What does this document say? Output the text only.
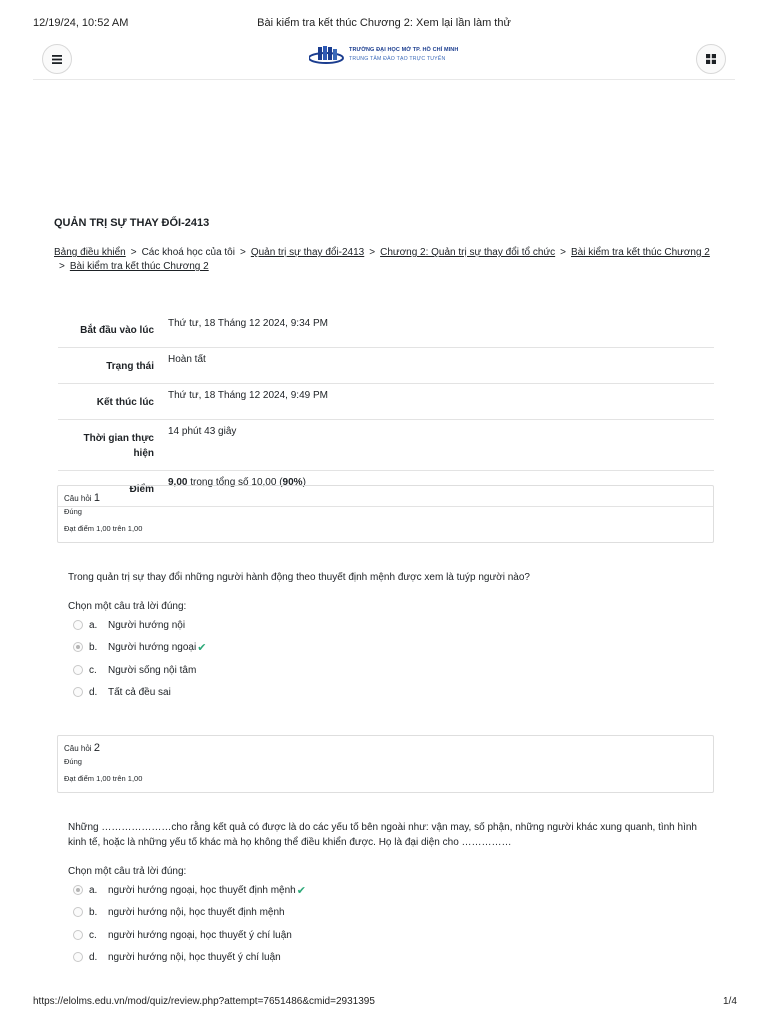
12/19/24, 10:52 AM	Bài kiểm tra kết thúc Chương 2: Xem lại lần làm thử
TRƯỜNG ĐẠI HỌC MỞ TP. HỒ CHÍ MINH
TRUNG TÂM ĐÀO TẠO TRỰC TUYẾN
QUẢN TRỊ SỰ THAY ĐỔI-2413
Bảng điều khiển > Các khoá học của tôi > Quản trị sự thay đổi-2413 > Chương 2: Quản trị sự thay đổi tổ chức > Bài kiểm tra kết thúc Chương 2
> Bài kiểm tra kết thúc Chương 2
Bắt đầu vào lúc	Thứ tư, 18 Tháng 12 2024, 9:34 PM
Trạng thái	Hoàn tất
Kết thúc lúc	Thứ tư, 18 Tháng 12 2024, 9:49 PM
Thời gian thực
hiện	14 phút 43 giây
Điểm	9,00 trong tổng số 10,00 (90%)
Câu hỏi 1
Đúng
Đạt điểm 1,00 trên 1,00
Trong quản trị sự thay đổi những người hành động theo thuyết định mệnh được xem là tuýp người nào?
Chọn một câu trả lời đúng:
a.	Người hướng nội
b.	Người hướng ngoại ✔
c.	Người sống nội tâm
d.	Tất cả đều sai
Câu hỏi 2
Đúng
Đạt điểm 1,00 trên 1,00
Những …………………cho rằng kết quả có được là do các yếu tố bên ngoài như: vận may, số phận, những người khác xung quanh, tình hình kinh tế, hoặc là những yếu tố khác mà họ không thể điều khiển được. Họ là đại diện cho ……………
Chọn một câu trả lời đúng:
a.	người hướng ngoại, học thuyết định mệnh ✔
b.	người hướng nội, học thuyết định mệnh
c.	người hướng ngoại, học thuyết ý chí luận
d.	người hướng nội, học thuyết ý chí luận
https://elolms.edu.vn/mod/quiz/review.php?attempt=7651486&cmid=2931395	1/4
